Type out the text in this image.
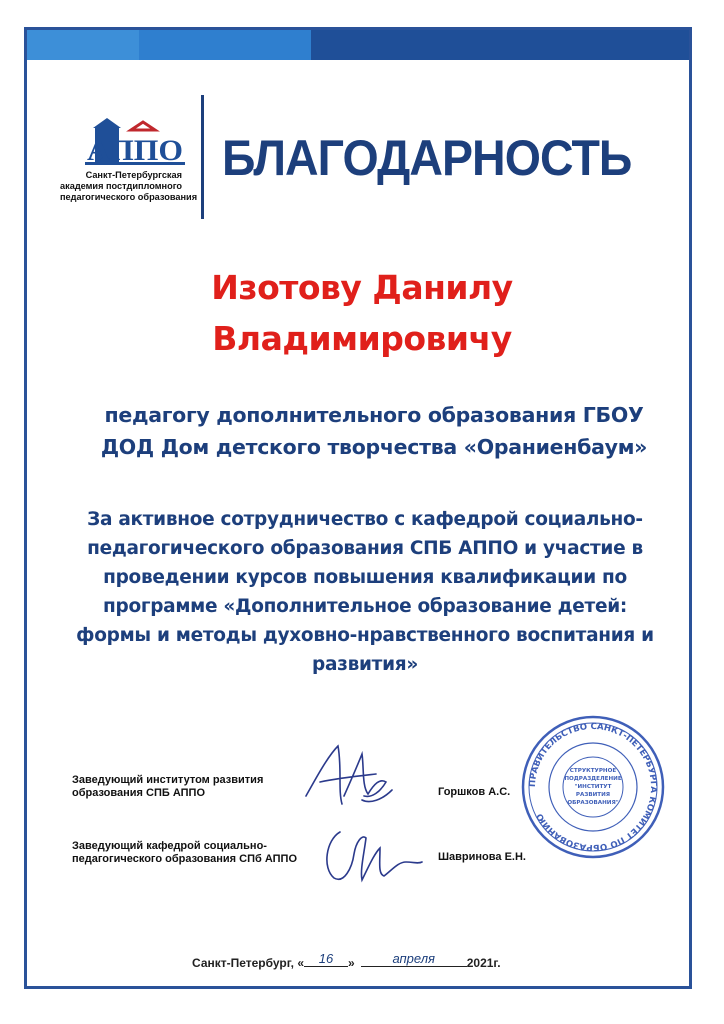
АППО
Санкт-Петербургская
академия постдипломного
педагогического образования
БЛАГОДАРНОСТЬ
Изотову Данилу
Владимировичу
педагогу дополнительного образования ГБОУ
ДОД Дом детского творчества «Ораниенбаум»
За активное сотрудничество с кафедрой социально-
педагогического образования СПБ АППО и участие в
проведении курсов повышения квалификации по
программе «Дополнительное образование детей:
формы и методы духовно-нравственного воспитания и
развития»
Заведующий институтом развития
образования СПБ АППО	Горшков А.С.
Заведующий кафедрой социально-
педагогического образования СПб АППО	Шавринова Е.Н.
ПРАВИТЕЛЬСТВО САНКТ-ПЕТЕРБУРГА КОМИТЕТ ПО ОБРАЗОВАНИЮ
СТРУКТУРНОЕ
ПОДРАЗДЕЛЕНИЕ
"ИНСТИТУТ
РАЗВИТИЯ
ОБРАЗОВАНИЯ"
Санкт-Петербург, « 16 »	апреля	2021г.
